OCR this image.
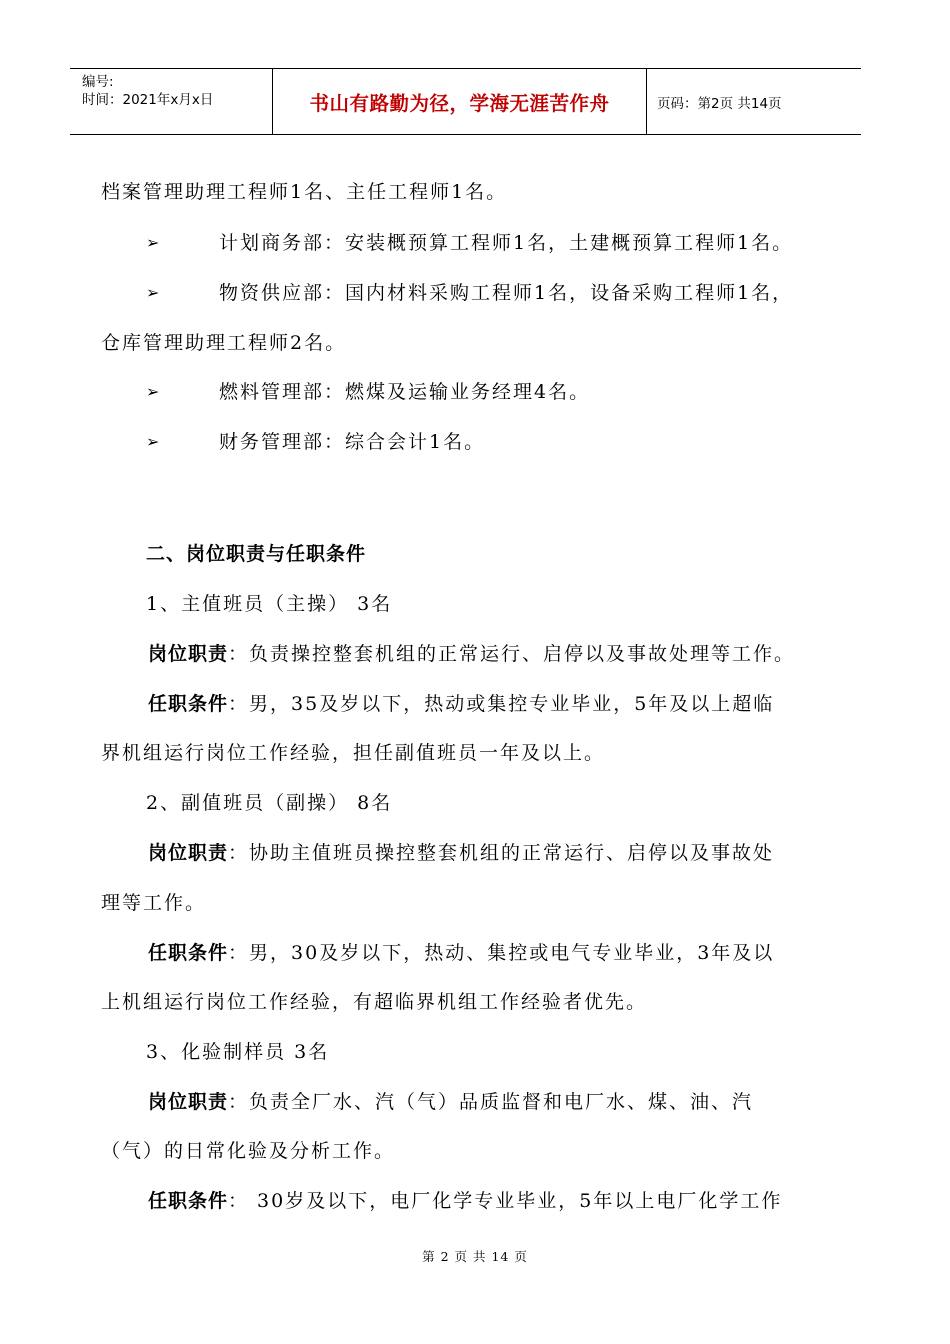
编号:
时间：2021年x月x日	书山有路勤为径，学海无涯苦作舟	页码：第2页 共14页
档案管理助理工程师1名、主任工程师1名。
➢	计划商务部：安装概预算工程师1名，土建概预算工程师1名。
➢	物资供应部：国内材料采购工程师1名，设备采购工程师1名，
仓库管理助理工程师2名。
➢	燃料管理部：燃煤及运输业务经理4名。
➢	财务管理部：综合会计1名。
二、岗位职责与任职条件
1、主值班员（主操） 3名
岗位职责：负责操控整套机组的正常运行、启停以及事故处理等工作。
任职条件：男，35及岁以下，热动或集控专业毕业，5年及以上超临
界机组运行岗位工作经验，担任副值班员一年及以上。
2、副值班员（副操） 8名
岗位职责：协助主值班员操控整套机组的正常运行、启停以及事故处
理等工作。
任职条件：男，30及岁以下，热动、集控或电气专业毕业，3年及以
上机组运行岗位工作经验，有超临界机组工作经验者优先。
3、化验制样员 3名
岗位职责：负责全厂水、汽（气）品质监督和电厂水、煤、油、汽
（气）的日常化验及分析工作。
任职条件： 30岁及以下，电厂化学专业毕业，5年以上电厂化学工作
第 2 页 共 14 页
